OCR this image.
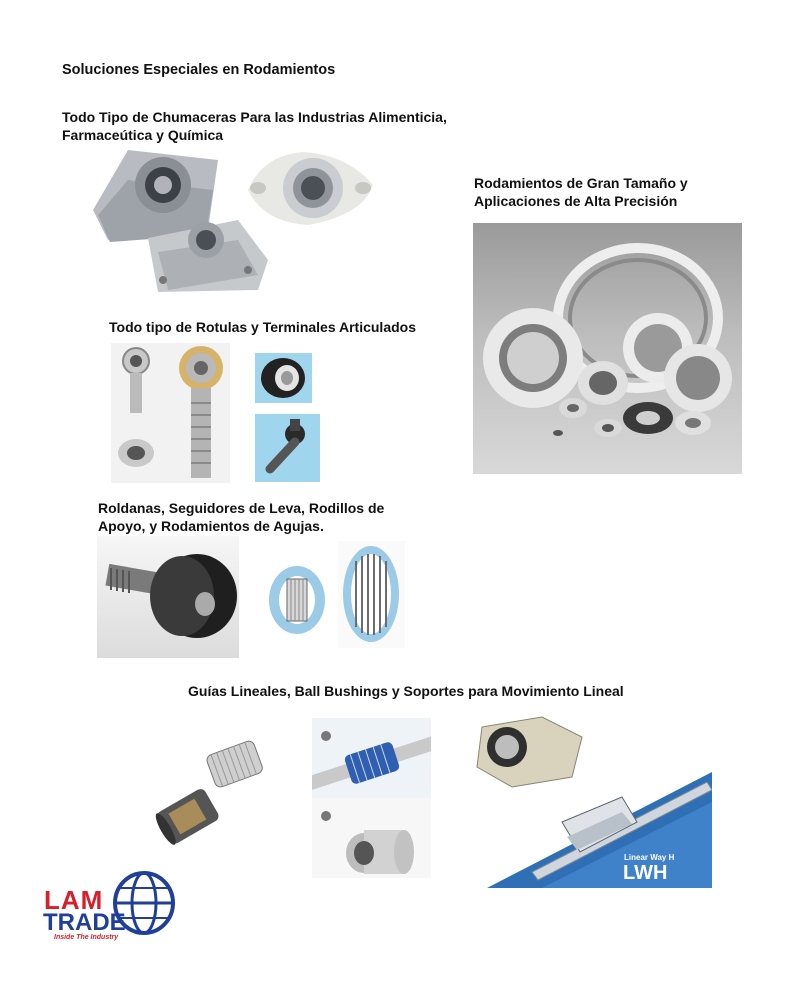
Soluciones Especiales en Rodamientos

Todo Tipo de Chumaceras Para las Industrias Alimenticia,

Farmaceútica y Química

Rodamientos de Gran Tamaño y

Aplicaciones de Alta Precisión

Todo tipo de Rotulas y Terminales Articulados

Roldanas, Seguidores de Leva, Rodillos de

Apoyo, y Rodamientos de Agujas.

Guías Lineales, Ball Bushings y Soportes para Movimiento Lineal

Linear Way H
LWH
LAM
TRADE
Inside The Industry
